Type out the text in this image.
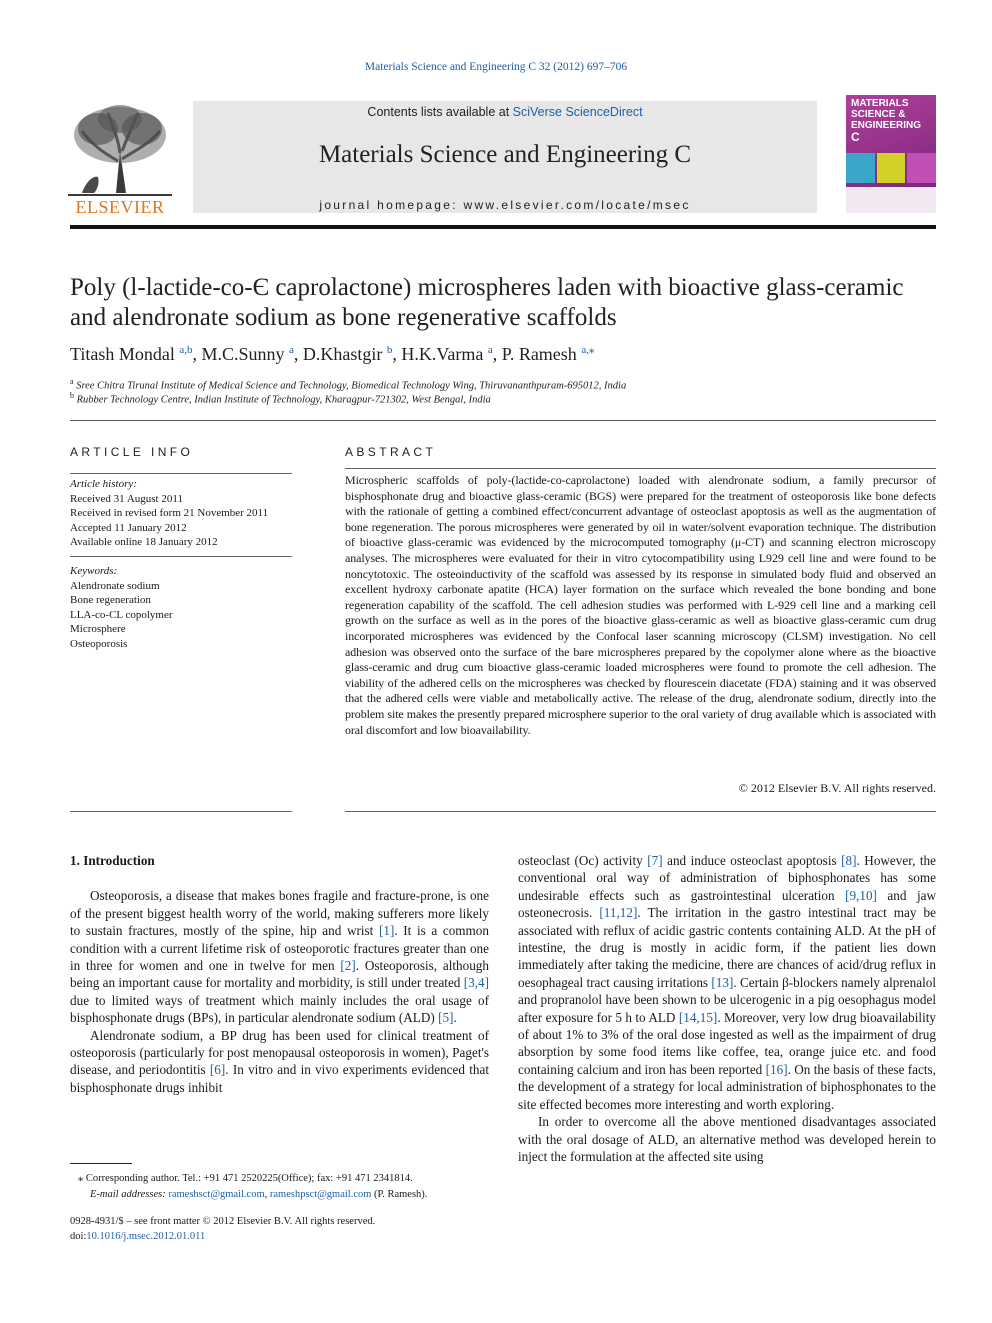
Materials Science and Engineering C 32 (2012) 697–706
ELSEVIER
Contents lists available at SciVerse ScienceDirect
Materials Science and Engineering C
journal homepage: www.elsevier.com/locate/msec
MATERIALS
SCIENCE &
ENGINEERING
C
Poly (l-lactide-co-Є caprolactone) microspheres laden with bioactive glass-ceramic and alendronate sodium as bone regenerative scaffolds
Titash Mondal $^{a,b}$, M.C.Sunny $^a$, D.Khastgir $^b$, H.K.Varma $^a$, P. Ramesh $^{a,⁎}$
$^a$ Sree Chitra Tirunal Institute of Medical Science and Technology, Biomedical Technology Wing, Thiruvananthpuram-695012, India
$^b$ Rubber Technology Centre, Indian Institute of Technology, Kharagpur-721302, West Bengal, India
ARTICLE INFO
Article history:
Received 31 August 2011
Received in revised form 21 November 2011
Accepted 11 January 2012
Available online 18 January 2012
Keywords:
Alendronate sodium
Bone regeneration
LLA-co-CL copolymer
Microsphere
Osteoporosis
ABSTRACT
Microspheric scaffolds of poly-(lactide-co-caprolactone) loaded with alendronate sodium, a family precursor of bisphosphonate drug and bioactive glass-ceramic (BGS) were prepared for the treatment of osteoporosis like bone defects with the rationale of getting a combined effect/concurrent advantage of osteoclast apoptosis as well as the augmentation of bone regeneration. The porous microspheres were generated by oil in water/solvent evaporation technique. The distribution of bioactive glass-ceramic was evidenced by the microcomputed tomography (μ-CT) and scanning electron microscopy analyses. The microspheres were evaluated for their in vitro cytocompatibility using L929 cell line and were found to be noncytotoxic. The osteoinductivity of the scaffold was assessed by its response in simulated body fluid and observed an excellent hydroxy carbonate apatite (HCA) layer formation on the surface which revealed the bone bonding and bone regeneration capability of the scaffold. The cell adhesion studies was performed with L-929 cell line and a marking cell growth on the surface as well as in the pores of the bioactive glass-ceramic as well as bioactive glass-ceramic cum drug incorporated microspheres was evidenced by the Confocal laser scanning microscopy (CLSM) investigation. No cell adhesion was observed onto the surface of the bare microspheres prepared by the copolymer alone where as the bioactive glass-ceramic and drug cum bioactive glass-ceramic loaded microspheres were found to promote the cell adhesion. The viability of the adhered cells on the microspheres was checked by flourescein diacetate (FDA) staining and it was observed that the adhered cells were viable and metabolically active. The release of the drug, alendronate sodium, directly into the problem site makes the presently prepared microsphere superior to the oral variety of drug available which is associated with oral discomfort and low bioavailability.
© 2012 Elsevier B.V. All rights reserved.
1. Introduction

Osteoporosis, a disease that makes bones fragile and fracture-prone, is one of the present biggest health worry of the world, making sufferers more likely to sustain fractures, mostly of the spine, hip and wrist [1]. It is a common condition with a current lifetime risk of osteoporotic fractures greater than one in three for women and one in twelve for men [2]. Osteoporosis, although being an important cause for mortality and morbidity, is still under treated [3,4] due to limited ways of treatment which mainly includes the oral usage of bisphosphonate drugs (BPs), in particular alendronate sodium (ALD) [5].

Alendronate sodium, a BP drug has been used for clinical treatment of osteoporosis (particularly for post menopausal osteoporosis in women), Paget's disease, and periodontitis [6]. In vitro and in vivo experiments evidenced that bisphosphonate drugs inhibit

osteoclast (Oc) activity [7] and induce osteoclast apoptosis [8]. However, the conventional oral way of administration of biphosphonates has some undesirable effects such as gastrointestinal ulceration [9,10] and jaw osteonecrosis. [11,12]. The irritation in the gastro intestinal tract may be associated with reflux of acidic gastric contents containing ALD. At the pH of intestine, the drug is mostly in acidic form, if the patient lies down immediately after taking the medicine, there are chances of acid/drug reflux in oesophageal tract causing irritations [13]. Certain β-blockers namely alprenalol and propranolol have been shown to be ulcerogenic in a pig oesophagus model after exposure for 5 h to ALD [14,15]. Moreover, very low drug bioavailability of about 1% to 3% of the oral dose ingested as well as the impairment of drug absorption by some food items like coffee, tea, orange juice etc. and food containing calcium and iron has been reported [16]. On the basis of these facts, the development of a strategy for local administration of biphosphonates to the site effected becomes more interesting and worth exploring.

In order to overcome all the above mentioned disadvantages associated with the oral dosage of ALD, an alternative method was developed herein to inject the formulation at the affected site using

⁎ Corresponding author. Tel.: +91 471 2520225(Office); fax: +91 471 2341814.
E-mail addresses: rameshsct@gmail.com, rameshpsct@gmail.com (P. Ramesh).
0928-4931/$ – see front matter © 2012 Elsevier B.V. All rights reserved.
doi:10.1016/j.msec.2012.01.011
